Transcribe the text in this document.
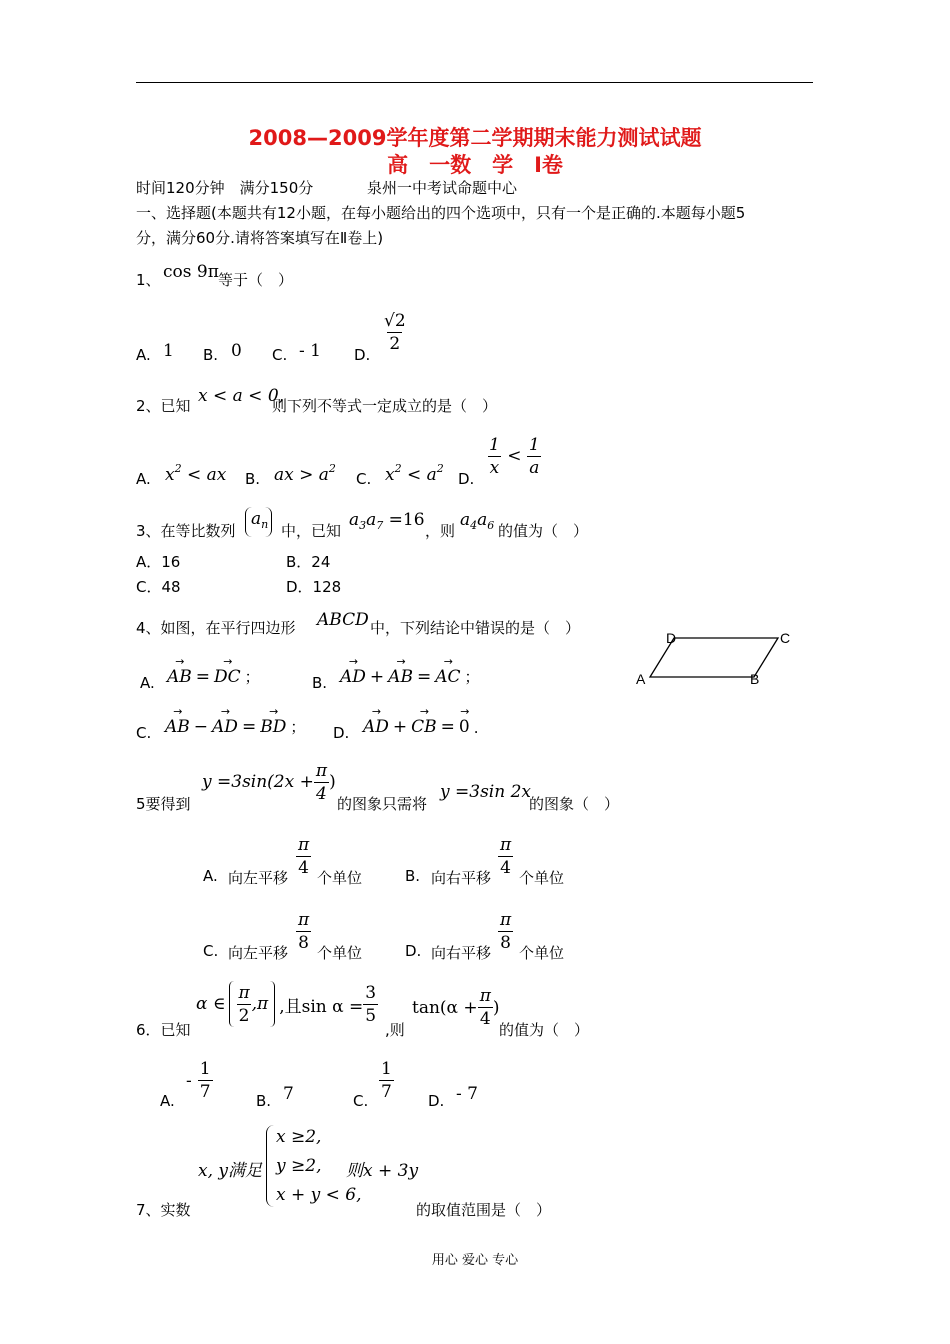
2008—2009学年度第二学期期末能力测试试题
高　一数　学　Ⅰ卷
时间120分钟　满分150分	泉州一中考试命题中心
一、选择题(本题共有12小题，在每小题给出的四个选项中，只有一个是正确的.本题每小题5
分，满分60分.请将答案填写在Ⅱ卷上)
1、 cos 9π 等于（　）
A. 1 B. 0 C. - 1 D. $\frac{√2}{2}$
2、已知 x < a < 0,
则下列不等式一定成立的是（　）
A. $x^2$ < ax B. ax > $a^2$
C. $x^2 < a^2$
D. $\frac{1}{x} < \frac{1}{a}$
3、在等比数列
$a_n$ 中，已知
$a_3a_7 =16$
，则
$a_4a_6$ 的值为（　）
A．16	B．24
C．48	D．128
4、如图，在平行四边形 ABCD 中，下列结论中错误的是（　）
A	B
C
D
A.
→
AB =
→
DC ；	B.
→
AD +
→
AB =
→
AC ；
C.
→
AB −
→
AD =
→
BD ； D.
→
AD +
→
CB =
→
0 .
5要得到
$y =3\sin(2x + \frac{\pi}{4}$ )
的图象只需将
y =3sin 2x
的图象（　）
A. 向左平移 $\frac{\pi}{4}$ 个单位	B. 向右平移 $\frac{\pi}{4}$ 个单位
C. 向左平移 $\frac{\pi}{8}$ 个单位	D. 向右平移 $\frac{\pi}{8}$ 个单位
6．已知
α ∈ $\frac{\pi}{2} ,\pi$ ,且$\sin \alpha = \frac{3}{5}$
,则
$\tan(\alpha + \frac{\pi}{4}$ )
的值为（　）
A.
- $\frac{1}{7}$	B. 7	C. $\frac{1}{7} D$. - 7
7、实数
x, y满足
x ≥2,
y ≥2,
x + y < 6,
则x + 3y
的取值范围是（　）
用心 爱心 专心
